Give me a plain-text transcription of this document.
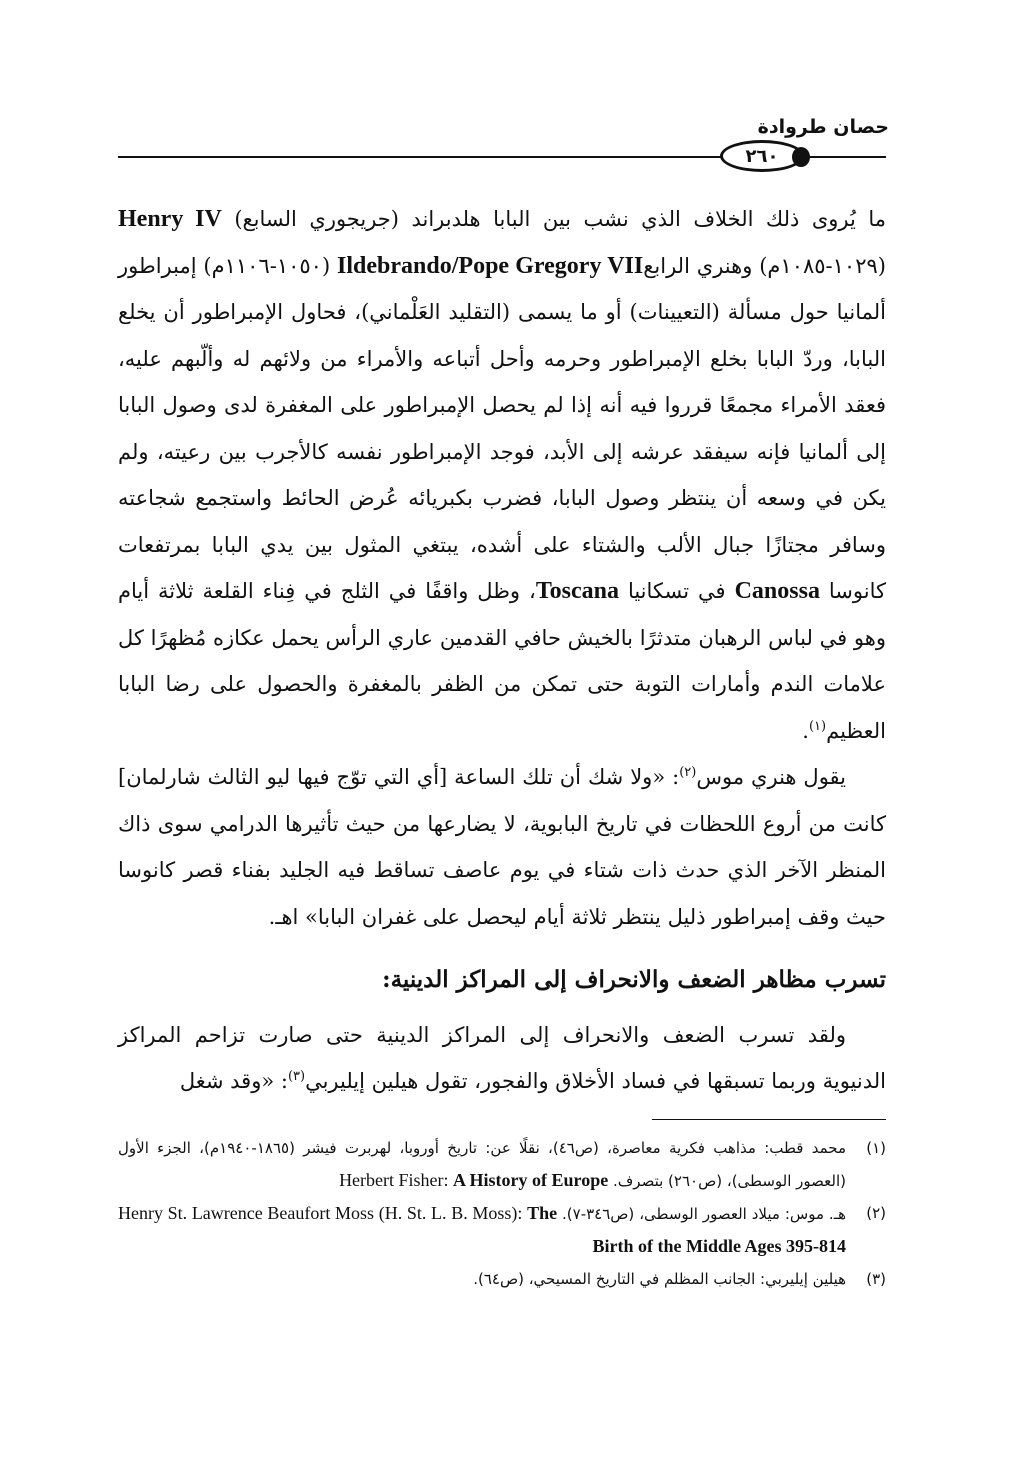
حصان طروادة
٢٦٠

ما يُروى ذلك الخلاف الذي نشب بين البابا هلدبراند (جريجوري السابع) Henry IV (١٠٢٩-١٠٨٥م) وهنري الرابعIldebrando/Pope Gregory VII (١٠٥٠-١١٠٦م) إمبراطور ألمانيا حول مسألة (التعيينات) أو ما يسمى (التقليد العَلْماني)، فحاول الإمبراطور أن يخلع البابا، وردّ البابا بخلع الإمبراطور وحرمه وأحل أتباعه والأمراء من ولائهم له وألّبهم عليه، فعقد الأمراء مجمعًا قرروا فيه أنه إذا لم يحصل الإمبراطور على المغفرة لدى وصول البابا إلى ألمانيا فإنه سيفقد عرشه إلى الأبد، فوجد الإمبراطور نفسه كالأجرب بين رعيته، ولم يكن في وسعه أن ينتظر وصول البابا، فضرب بكبريائه عُرض الحائط واستجمع شجاعته وسافر مجتازًا جبال الألب والشتاء على أشده، يبتغي المثول بين يدي البابا بمرتفعات كانوسا Canossa في تسكانيا Toscana، وظل واقفًا في الثلج في فِناء القلعة ثلاثة أيام وهو في لباس الرهبان متدثرًا بالخيش حافي القدمين عاري الرأس يحمل عكازه مُظهرًا كل علامات الندم وأمارات التوبة حتى تمكن من الظفر بالمغفرة والحصول على رضا البابا العظيم$^{(١)}$.

يقول هنري موس$^{(٢)}$: «ولا شك أن تلك الساعة [أي التي توّج فيها ليو الثالث شارلمان] كانت من أروع اللحظات في تاريخ البابوية، لا يضارعها من حيث تأثيرها الدرامي سوى ذاك المنظر الآخر الذي حدث ذات شتاء في يوم عاصف تساقط فيه الجليد بفناء قصر كانوسا حيث وقف إمبراطور ذليل ينتظر ثلاثة أيام ليحصل على غفران البابا» اهـ.

تسرب مظاهر الضعف والانحراف إلى المراكز الدينية:

ولقد تسرب الضعف والانحراف إلى المراكز الدينية حتى صارت تزاحم المراكز الدنيوية وربما تسبقها في فساد الأخلاق والفجور، تقول هيلين إيليربي$^{(٣)}$: «وقد شغل

(١)
محمد قطب: مذاهب فكرية معاصرة، (ص٤٦)، نقلًا عن: تاريخ أوروبا، لهربرت فيشر (١٨٦٥-١٩٤٠م)، الجزء الأول (العصور الوسطى)، (ص٢٦٠) بتصرف. Herbert Fisher: A History of Europe
(٢)
هـ. موس: ميلاد العصور الوسطى، (ص٣٤٦-٧). Henry St. Lawrence Beaufort Moss (H. St. L. B. Moss): The Birth of the Middle Ages 395-814
(٣)
هيلين إيليربي: الجانب المظلم في التاريخ المسيحي، (ص٦٤).
